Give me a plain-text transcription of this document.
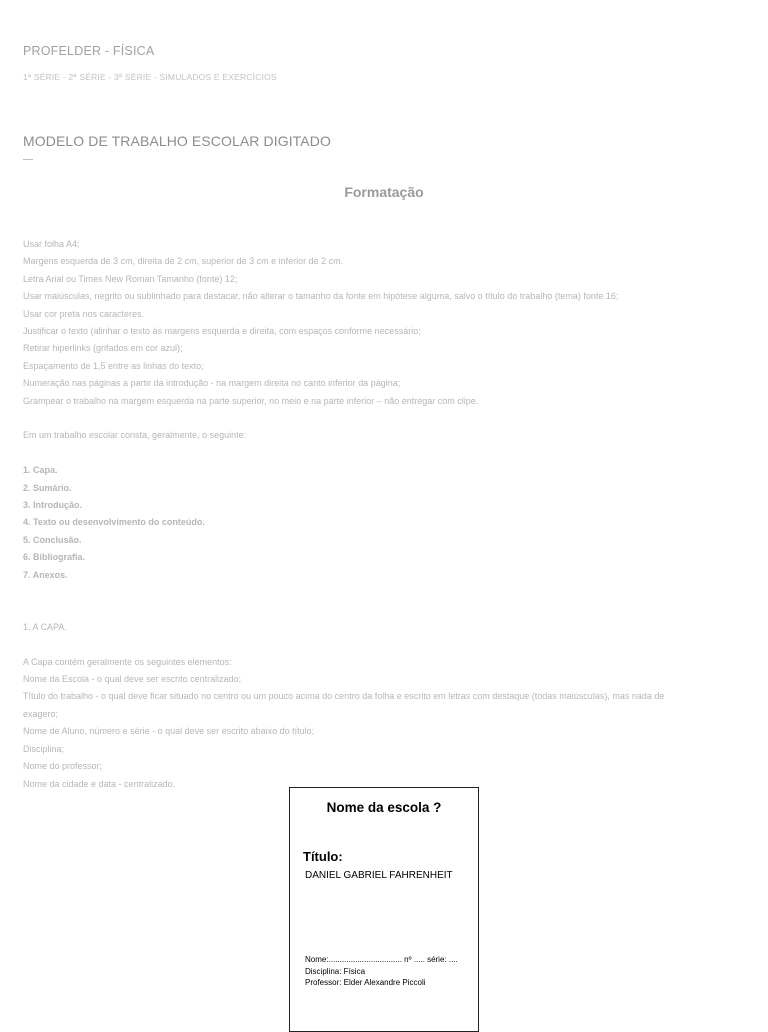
PROFELDER - FÍSICA
1ª SÉRIE - 2ª SÉRIE - 3ª SÉRIE - SIMULADOS E EXERCÍCIOS
MODELO DE TRABALHO ESCOLAR DIGITADO
Formatação
Usar folha A4;
Margens esquerda de 3 cm, direita de 2 cm, superior de 3 cm e inferior de 2 cm.
Letra Arial ou Times New Roman Tamanho (fonte) 12;
Usar maiúsculas, negrito ou sublinhado para destacar, não alterar o tamanho da fonte em hipótese alguma, salvo o título do trabalho (tema) fonte 16;
Usar cor preta nos caracteres.
Justificar o texto (alinhar o texto às margens esquerda e direita, com espaços conforme necessário;
Retirar hiperlinks (grifados em cor azul);
Espaçamento de 1,5 entre as linhas do texto;
Numeração nas páginas a partir da introdução - na margem direita no canto inferior da página;
Grampear o trabalho na margem esquerda na parte superior, no meio e na parte inferior – não entregar com clipe.
Em um trabalho escolar consta, geralmente, o seguinte:
1. Capa.
2. Sumário.
3. Introdução.
4. Texto ou desenvolvimento do conteúdo.
5. Conclusão.
6. Bibliografia.
7. Anexos.
1. A CAPA.
A Capa contém geralmente os seguintes elementos:
Nome da Escola - o qual deve ser escrito centralizado;
Título do trabalho - o qual deve ficar situado no centro ou um pouco acima do centro da folha e escrito em letras com destaque (todas maiúsculas), mas nada de
exagero;
Nome de Aluno, número e série - o qual deve ser escrito abaixo do título;
Disciplina;
Nome do professor;
Nome da cidade e data - centralizado.
Nome da escola ?
Título:
DANIEL GABRIEL FAHRENHEIT
Nome:................................. nº ..... série: ....
Disciplina: Física
Professor: Elder Alexandre Piccoli
